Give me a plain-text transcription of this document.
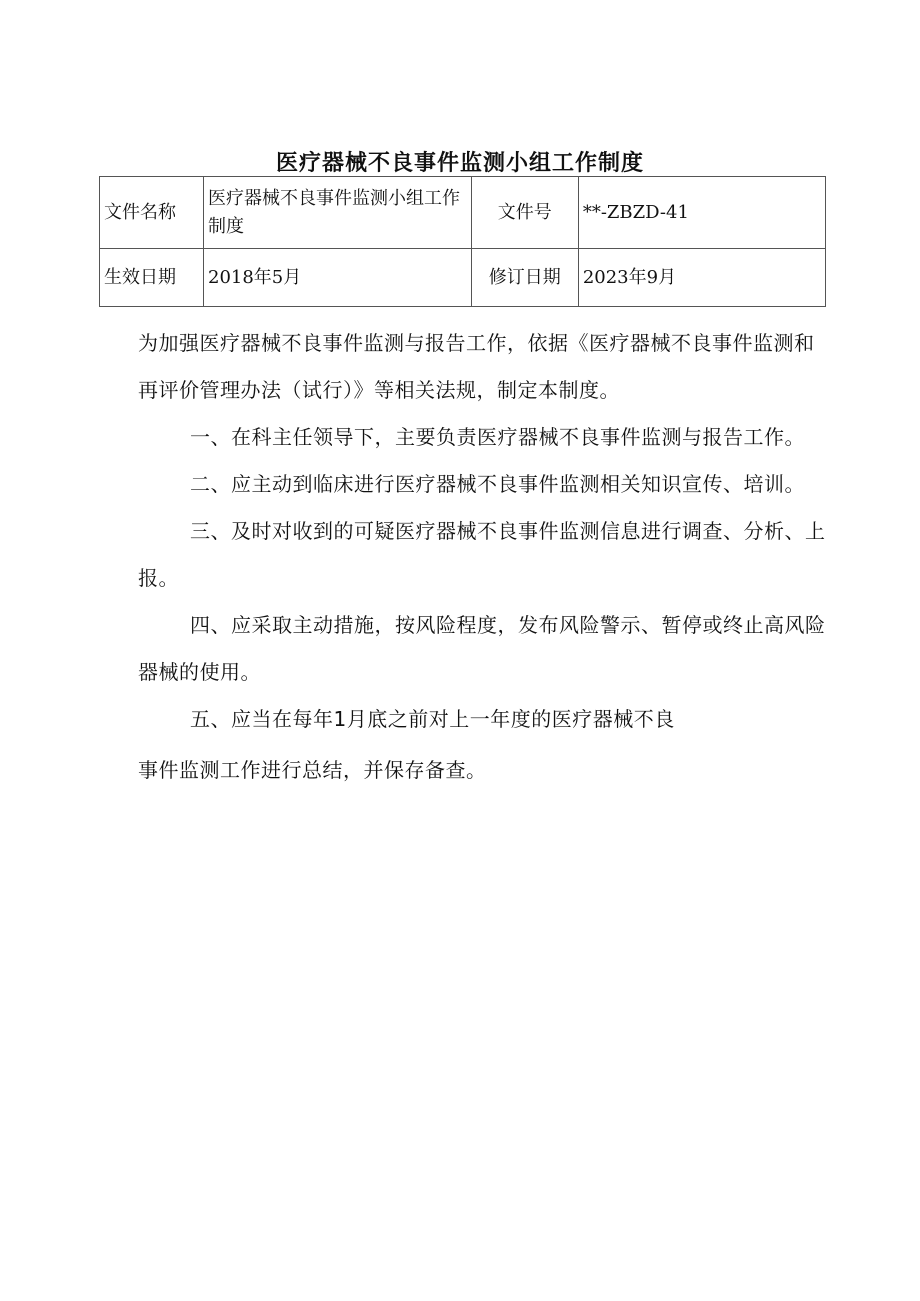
医疗器械不良事件监测小组工作制度
文件名称	医疗器械不良事件监测小组工作制度	文件号	**-ZBZD-41
生效日期	2018年5月	修订日期	2023年9月

为加强医疗器械不良事件监测与报告工作，依据《医疗器械不良事件监测和再评价管理办法（试行）》等相关法规，制定本制度。

一、在科主任领导下，主要负责医疗器械不良事件监测与报告工作。

二、应主动到临床进行医疗器械不良事件监测相关知识宣传、培训。

三、及时对收到的可疑医疗器械不良事件监测信息进行调查、分析、上报。

四、应采取主动措施，按风险程度，发布风险警示、暂停或终止高风险器械的使用。

五、应当在每年1月底之前对上一年度的医疗器械不良

事件监测工作进行总结，并保存备查。
